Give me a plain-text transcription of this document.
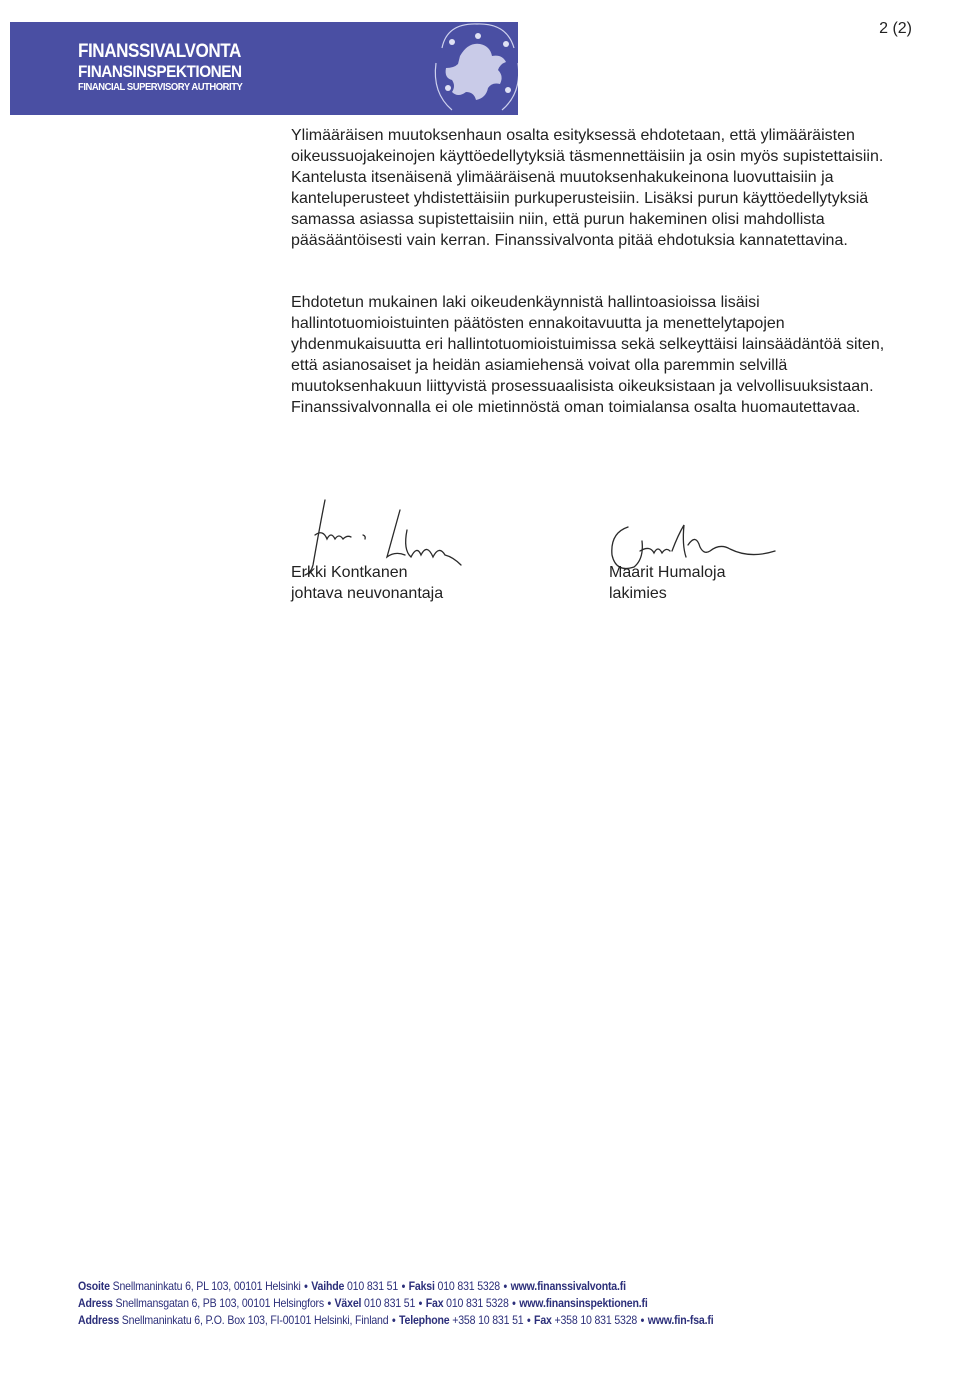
FINANSSIVALVONTA
FINANSINSPEKTIONEN
FINANCIAL SUPERVISORY AUTHORITY
2 (2)
Ylimääräisen muutoksenhaun osalta esityksessä ehdotetaan, että ylimääräisten oikeussuojakeinojen käyttöedellytyksiä täsmennettäisiin ja osin myös supistettaisiin. Kantelusta itsenäisenä ylimääräisenä muutoksenhakukeinona luovuttaisiin ja kanteluperusteet yhdistettäisiin purkuperusteisiin. Lisäksi purun käyttöedellytyksiä samassa asiassa supistettaisiin niin, että purun hakeminen olisi mahdollista pääsääntöisesti vain kerran. Finanssivalvonta pitää ehdotuksia kannatettavina.
Ehdotetun mukainen laki oikeudenkäynnistä hallintoasioissa lisäisi hallintotuomioistuinten päätösten ennakoitavuutta ja menettelytapojen yhdenmukaisuutta eri hallintotuomioistuimissa sekä selkeyttäisi lainsäädäntöä siten, että asianosaiset ja heidän asiamiehensä voivat olla paremmin selvillä muutoksenhakuun liittyvistä prosessuaalisista oikeuksistaan ja velvollisuuksistaan. Finanssivalvonnalla ei ole mietinnöstä oman toimialansa osalta huomautettavaa.
Erkki Kontkanen
johtava neuvonantaja
Maarit Humaloja
lakimies
Osoite Snellmaninkatu 6, PL 103, 00101 Helsinki • Vaihde 010 831 51 • Faksi 010 831 5328 • www.finanssivalvonta.fi
Adress Snellmansgatan 6, PB 103, 00101 Helsingfors • Växel 010 831 51 • Fax 010 831 5328 • www.finansinspektionen.fi
Address Snellmaninkatu 6, P.O. Box 103, FI-00101 Helsinki, Finland • Telephone +358 10 831 51 • Fax +358 10 831 5328 • www.fin-fsa.fi
